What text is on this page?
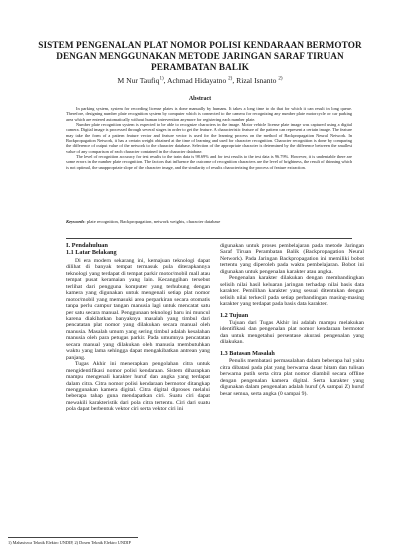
SISTEM PENGENALAN PLAT NOMOR POLISI KENDARAAN BERMOTOR DENGAN MENGGUNAKAN METODE JARINGAN SARAF TIRUAN PERAMBATAN BALIK
M Nur Taufiq$^{1)}$, Achmad Hidayatno $^{2)}$, Rizal Isnanto $^{2)}$
Abstract

In parking system, system for recording license plates is done manually by humans. It takes a long time to do that for which it can result in long queue. Therefore, designing number plate recognition system by computer which is connected to the camera for recognizing any number plate motorcycle or car parking area which are entered automatically without human intervention anymore for registering each number plate.

Number plate recognition system is expected to be able to recognize characters in the image. Motor vehicle license plate image was captured using a digital camera. Digital image is processed through several stages in order to get the feature. A characteristic feature of the pattern can represent a certain image. The feature may take the form of a pattern feature vector and feature vector is used for the learning process on the method of Backpropagation Neural Network. In Backpropagation Network, it has a certain weight obtained at the time of learning and used for character recognition. Character recognition is done by comparing the difference of output value of the network to the character database. Selection of the appropriate character is determined by the difference between the smallest value of any comparison of each character contained in the character database.

The level of recognition accuracy for test results to the train data is 98.69% and for test results to the test data is 96.79%. However, it is undeniable there are some errors in the number plate recognition. The factors that influence the outcome of recognition characters are the level of brightness, the result of thinning which is not optimal, the unappropriate slope of the character image, and the similarity of results characterizing the process of feature extraction.

Keywords: plate recognition, Backpropagation, network weights, character database
I. Pendahuluan
1.1 Latar Belakang

Di era modern sekarang ini, kemajuan teknologi dapat dilihat di banyak tempat termasuk pula diterapkannya teknologi yang terdapat di tempat parkir motor/mobil mall atau tempat pusat keramaian yang lain. Kecanggihan tersebut terlihat dari pengguna komputer yang terhubung dengan kamera yang digunakan untuk mengenali setiap plat nomor motor/mobil yang memasuki area perparkiran secara otomatis tanpa perlu campur tangan manusia lagi untuk mencatat satu per satu secara manual. Penggunaan teknologi baru ini muncul karena diakibatkan banyaknya masalah yang timbul dari pencatatan plat nomor yang dilakukan secara manual oleh manusia. Masalah umum yang sering timbul adalah kesalahan manusia oleh para petugas parkir. Pada umumnya pencatatan secara manual yang dilakukan oleh manusia membutuhkan waktu yang lama sehingga dapat mengakibatkan antrean yang panjang.

Tugas Akhir ini menerapkan pengolahan citra untuk mengidentifikasi nomor polisi kendaraan. Sistem diharapkan mampu mengenali karakter huruf dan angka yang terdapat dalam citra. Citra nomor polisi kendaraan bermotor ditangkap menggunakan kamera digital. Citra digital diproses melalui beberapa tahap guna mendapatkan ciri. Suatu ciri dapat mewakili karakteristik dari pola citra tertentu. Ciri dari suatu pola dapat berbentuk vektor ciri serta vektor ciri ini

digunakan untuk proses pembelajaran pada metode Jaringan Saraf Tiruan Perambatan Balik (Backpropagation Neural Network). Pada Jaringan Backpropagation ini memiliki bobot tertentu yang diperoleh pada waktu pembelajaran. Bobot ini digunakan untuk pengenalan karakter atau angka.

Pengenalan karakter dilakukan dengan membandingkan selisih nilai hasil keluaran jaringan terhadap nilai basis data karakter. Pemilihan karakter yang sesuai ditentukan dengan selisih nilai terkecil pada setiap perbandingan masing-masing karakter yang terdapat pada basis data karakter.

1.2 Tujuan

Tujuan dari Tugas Akhir ini adalah mampu melakukan identifikasi dan pengenalan plat nomor kendaraan bermotor dan untuk mengetahui persentase akurasi pengenalan yang dilakukan.

1.3 Batasan Masalah

Penulis membatasi permasalahan dalam beberapa hal yaitu citra dibatasi pada plat yang berwarna dasar hitam dan tulisan berwarna putih serta citra plat nomor diambil secara offline dengan pengenalan kamera digital. Serta karakter yang digunakan dalam pengenalan adalah huruf (A sampai Z) huruf besar semua, serta angka (0 sampai 9).

1) Mahasiswa Teknik Elektro UNDIP, 2) Dosen Teknik Elektro UNDIP
